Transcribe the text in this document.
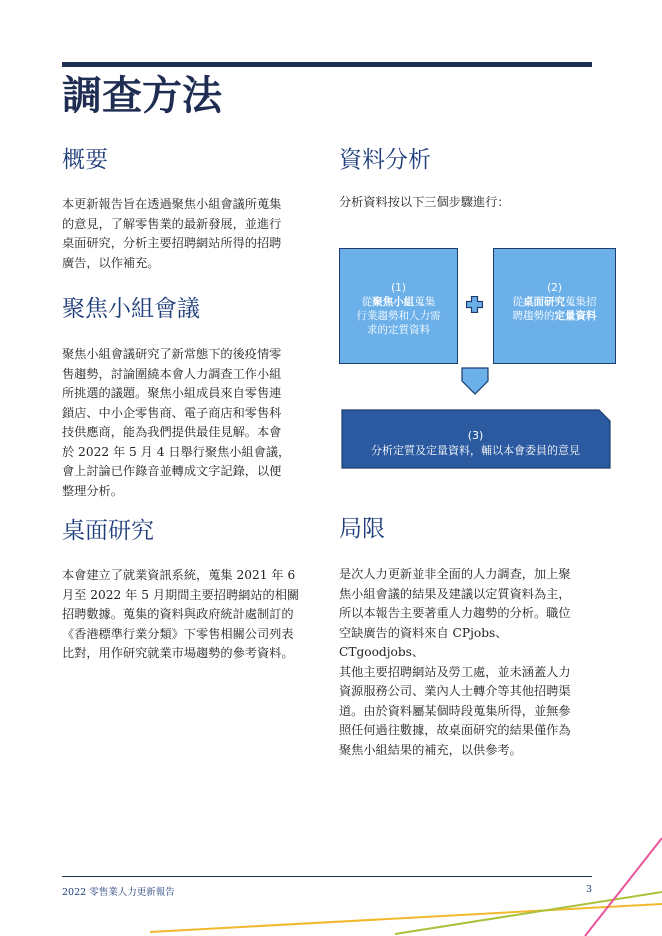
調查方法
概要
本更新報告旨在透過聚焦小組會議所蒐集
的意見，了解零售業的最新發展，並進行
桌面研究，分析主要招聘網站所得的招聘
廣告，以作補充。
聚焦小組會議
聚焦小組會議研究了新常態下的後疫情零
售趨勢，討論圍繞本會人力調查工作小組
所挑選的議題。聚焦小組成員來自零售連
鎖店、中小企零售商、電子商店和零售科
技供應商，能為我們提供最佳見解。本會
於 2022 年 5 月 4 日舉行聚焦小組會議，
會上討論已作錄音並轉成文字記錄，以便
整理分析。
桌面研究
本會建立了就業資訊系統，蒐集 2021 年 6
月至 2022 年 5 月期間主要招聘網站的相關
招聘數據。蒐集的資料與政府統計處制訂的
《香港標準行業分類》下零售相關公司列表
比對，用作研究就業市場趨勢的參考資料。
資料分析
分析資料按以下三個步驟進行：
(1)
從聚焦小組蒐集
行業趨勢和人力需
求的定質資料
(2)
從桌面研究蒐集招
聘趨勢的定量資料
(3)
分析定質及定量資料，輔以本會委員的意見
局限
是次人力更新並非全面的人力調查，加上聚
焦小組會議的結果及建議以定質資料為主，
所以本報告主要著重人力趨勢的分析。職位
空缺廣告的資料來自 CPjobs、CTgoodjobs、
其他主要招聘網站及勞工處，並未涵蓋人力
資源服務公司、業內人士轉介等其他招聘渠
道。由於資料屬某個時段蒐集所得，並無參
照任何過往數據，故桌面研究的結果僅作為
聚焦小組結果的補充，以供參考。
2022 零售業人力更新報告	3
